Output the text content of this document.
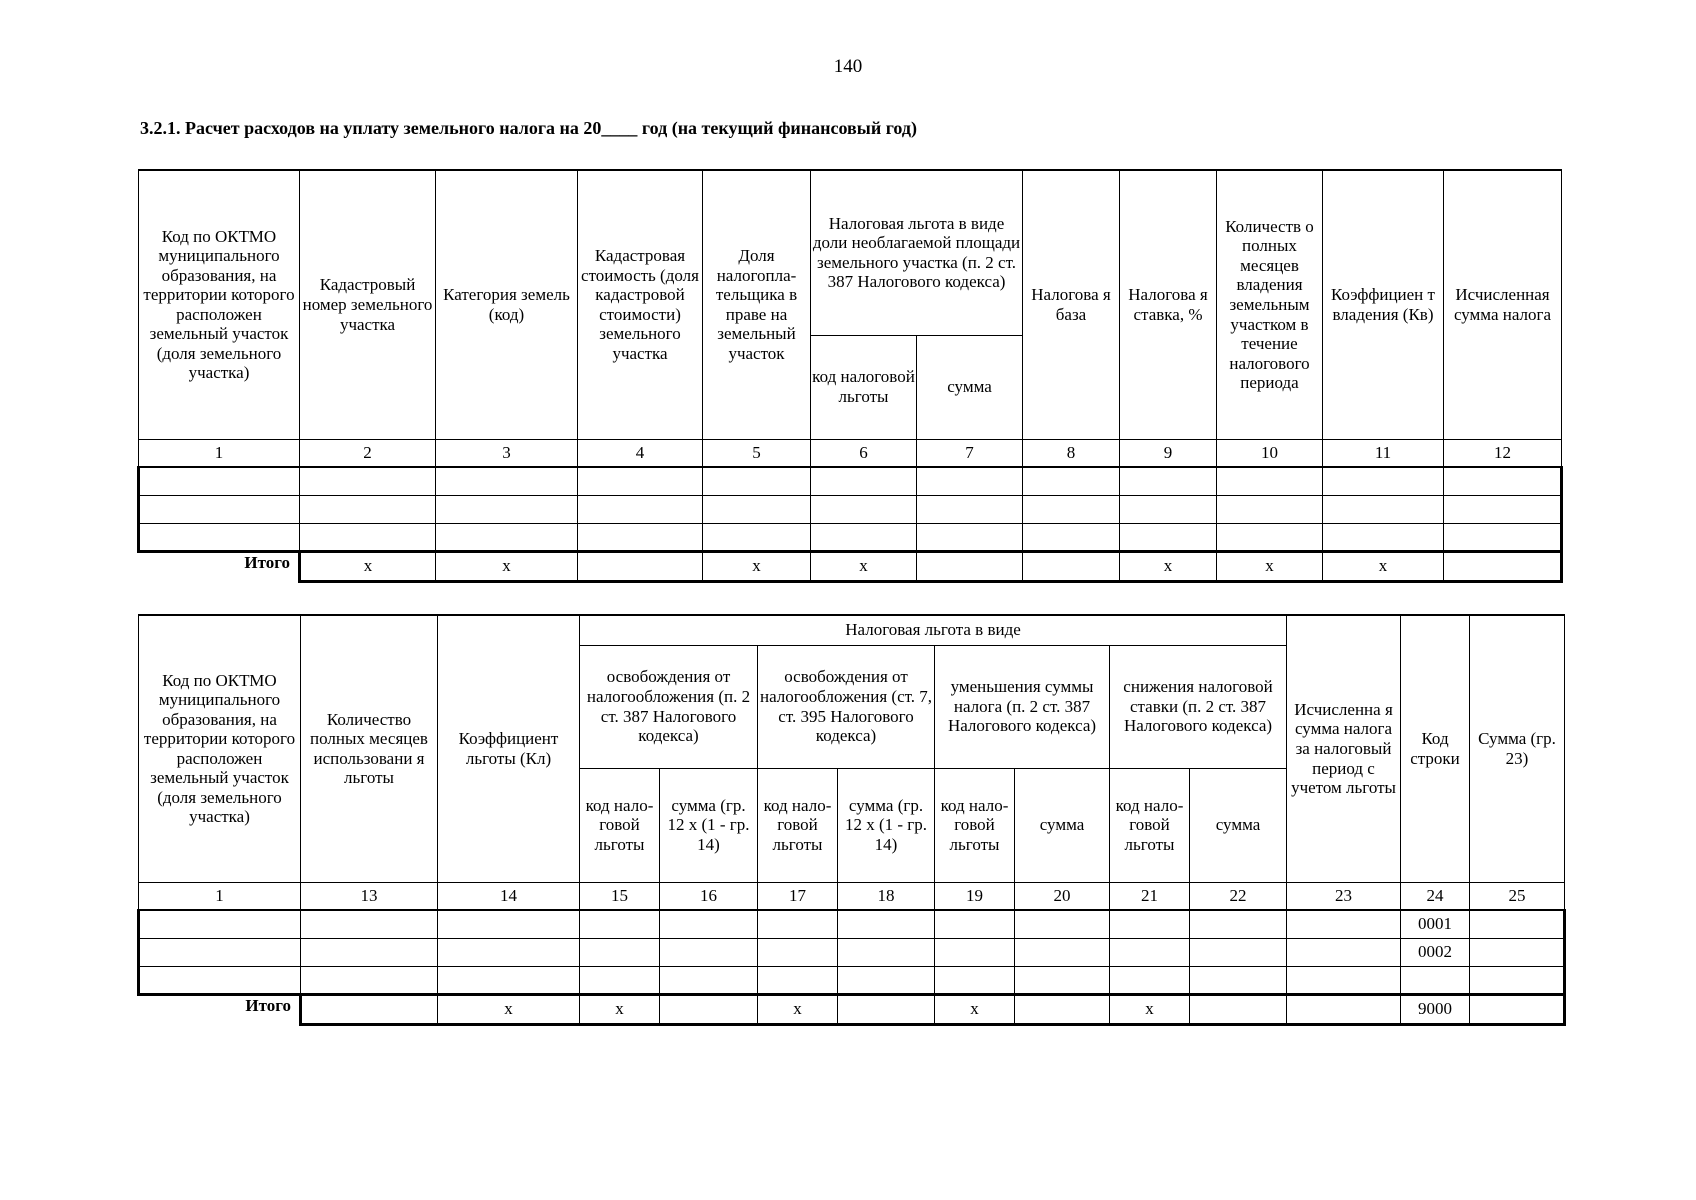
140
3.2.1. Расчет расходов на уплату земельного налога на 20____ год (на текущий финансовый год)
Код по ОКТМО муниципального образования, на территории которого расположен земельный участок (доля земельного участка)	Кадастровый номер земельного участка	Категория земель (код)	Кадастровая стоимость (доля кадастровой стоимости) земельного участка	Доля налогопла-тельщика в праве на земельный участок	Налоговая льгота в виде доли необлагаемой площади земельного участка (п. 2 ст. 387 Налогового кодекса)		Налогова я база	Налогова я ставка, %	Количеств о полных месяцев владения земельным участком в течение налогового периода	Коэффициен т владения (Кв)	Исчисленная сумма налога
					код налоговой льготы	сумма					
1	2	3	4	5	6	7	8	9	10	11	12

Итого	x	x		x	x			x	x	x	
Код по ОКТМО муниципального образования, на территории которого расположен земельный участок (доля земельного участка)	Количество полных месяцев использовани я льготы	Коэффициент льготы (Кл)	Налоговая льгота в виде								Исчисленна я сумма налога за налоговый период с учетом льготы	Код строки	Сумма (гр. 23)
			освобождения от налогообложения (п. 2 ст. 387 Налогового кодекса)		освобождения от налогообложения (ст. 7, ст. 395 Налогового кодекса)		уменьшения суммы налога (п. 2 ст. 387 Налогового кодекса)		снижения налоговой ставки (п. 2 ст. 387 Налогового кодекса)				
			код нало-говой льготы	сумма (гр. 12 x (1 - гр. 14)	код нало-говой льготы	сумма (гр. 12 x (1 - гр. 14)	код нало-говой льготы	сумма	код нало-говой льготы	сумма			
1	13	14	15	16	17	18	19	20	21	22	23	24	25
												0001	
												0002	

Итого		x	x		x		x		x			9000	
